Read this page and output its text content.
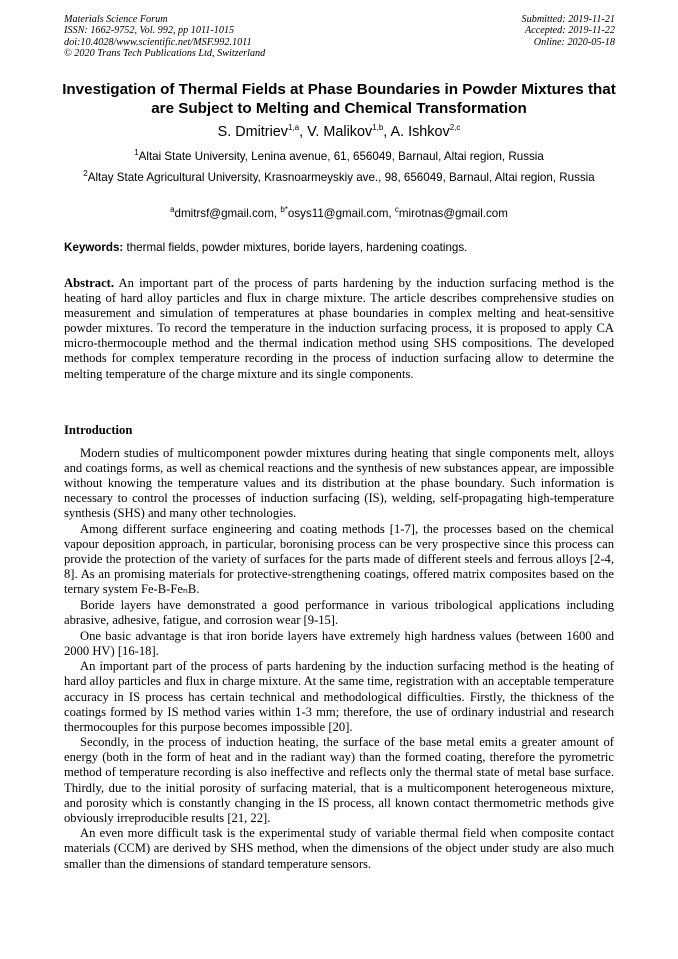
Materials Science Forum
ISSN: 1662-9752, Vol. 992, pp 1011-1015
doi:10.4028/www.scientific.net/MSF.992.1011
© 2020 Trans Tech Publications Ltd, Switzerland
Submitted: 2019-11-21
Accepted: 2019-11-22
Online: 2020-05-18
Investigation of Thermal Fields at Phase Boundaries in Powder Mixtures that are Subject to Melting and Chemical Transformation
S. Dmitriev$^{1,a}$, V. Malikov$^{1,b}$, A. Ishkov$^{2,c}$
$^1$Altai State University, Lenina avenue, 61, 656049, Barnaul, Altai region, Russia
$^2$Altay State Agricultural University, Krasnoarmeyskiy ave., 98, 656049, Barnaul, Altai region, Russia
$^a$dmitrsf@gmail.com, $^{b*}$osys11@gmail.com, $^c$mirotnas@gmail.com
Keywords: thermal fields, powder mixtures, boride layers, hardening coatings.
Abstract. An important part of the process of parts hardening by the induction surfacing method is the heating of hard alloy particles and flux in charge mixture. The article describes comprehensive studies on measurement and simulation of temperatures at phase boundaries in complex melting and heat-sensitive powder mixtures. To record the temperature in the induction surfacing process, it is proposed to apply CA micro-thermocouple method and the thermal indication method using SHS compositions. The developed methods for complex temperature recording in the process of induction surfacing allow to determine the melting temperature of the charge mixture and its single components.
Introduction

Modern studies of multicomponent powder mixtures during heating that single components melt, alloys and coatings forms, as well as chemical reactions and the synthesis of new substances appear, are impossible without knowing the temperature values and its distribution at the phase boundary. Such information is necessary to control the processes of induction surfacing (IS), welding, self-propagating high-temperature synthesis (SHS) and many other technologies.

Among different surface engineering and coating methods [1-7], the processes based on the chemical vapour deposition approach, in particular, boronising process can be very prospective since this process can provide the protection of the variety of surfaces for the parts made of different steels and ferrous alloys [2-4, 8]. As an promising materials for protective-strengthening coatings, offered matrix composites based on the ternary system Fe-B-FeₙB.

Boride layers have demonstrated a good performance in various tribological applications including abrasive, adhesive, fatigue, and corrosion wear [9-15].

One basic advantage is that iron boride layers have extremely high hardness values (between 1600 and 2000 HV) [16-18].

An important part of the process of parts hardening by the induction surfacing method is the heating of hard alloy particles and flux in charge mixture. At the same time, registration with an acceptable temperature accuracy in IS process has certain technical and methodological difficulties. Firstly, the thickness of the coatings formed by IS method varies within 1-3 mm; therefore, the use of ordinary industrial and research thermocouples for this purpose becomes impossible [20].

Secondly, in the process of induction heating, the surface of the base metal emits a greater amount of energy (both in the form of heat and in the radiant way) than the formed coating, therefore the pyrometric method of temperature recording is also ineffective and reflects only the thermal state of metal base surface. Thirdly, due to the initial porosity of surfacing material, that is a multicomponent heterogeneous mixture, and porosity which is constantly changing in the IS process, all known contact thermometric methods give obviously irreproducible results [21, 22].

An even more difficult task is the experimental study of variable thermal field when composite contact materials (CCM) are derived by SHS method, when the dimensions of the object under study are also much smaller than the dimensions of standard temperature sensors.
